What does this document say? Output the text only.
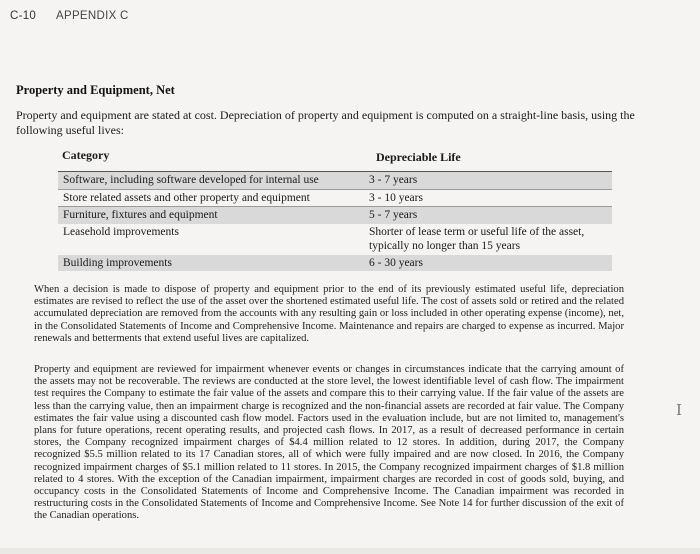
C-10 APPENDIX C
Property and Equipment, Net
Property and equipment are stated at cost. Depreciation of property and equipment is computed on a straight-line basis, using the following useful lives:
Category	Depreciable Life
Software, including software developed for internal use	3 - 7 years
Store related assets and other property and equipment	3 - 10 years
Furniture, fixtures and equipment	5 - 7 years
Leasehold improvements	Shorter of lease term or useful life of the asset, typically no longer than 15 years
Building improvements	6 - 30 years
When a decision is made to dispose of property and equipment prior to the end of its previously estimated useful life, depreciation estimates are revised to reflect the use of the asset over the shortened estimated useful life. The cost of assets sold or retired and the related accumulated depreciation are removed from the accounts with any resulting gain or loss included in other operating expense (income), net, in the Consolidated Statements of Income and Comprehensive Income. Maintenance and repairs are charged to expense as incurred. Major renewals and betterments that extend useful lives are capitalized.
Property and equipment are reviewed for impairment whenever events or changes in circumstances indicate that the carrying amount of the assets may not be recoverable. The reviews are conducted at the store level, the lowest identifiable level of cash flow. The impairment test requires the Company to estimate the fair value of the assets and compare this to their carrying value. If the fair value of the assets are less than the carrying value, then an impairment charge is recognized and the non-financial assets are recorded at fair value. The Company estimates the fair value using a discounted cash flow model. Factors used in the evaluation include, but are not limited to, management's plans for future operations, recent operating results, and projected cash flows. In 2017, as a result of decreased performance in certain stores, the Company recognized impairment charges of $4.4 million related to 12 stores. In addition, during 2017, the Company recognized $5.5 million related to its 17 Canadian stores, all of which were fully impaired and are now closed. In 2016, the Company recognized impairment charges of $5.1 million related to 11 stores. In 2015, the Company recognized impairment charges of $1.8 million related to 4 stores. With the exception of the Canadian impairment, impairment charges are recorded in cost of goods sold, buying, and occupancy costs in the Consolidated Statements of Income and Comprehensive Income. The Canadian impairment was recorded in restructuring costs in the Consolidated Statements of Income and Comprehensive Income. See Note 14 for further discussion of the exit of the Canadian operations.
I
